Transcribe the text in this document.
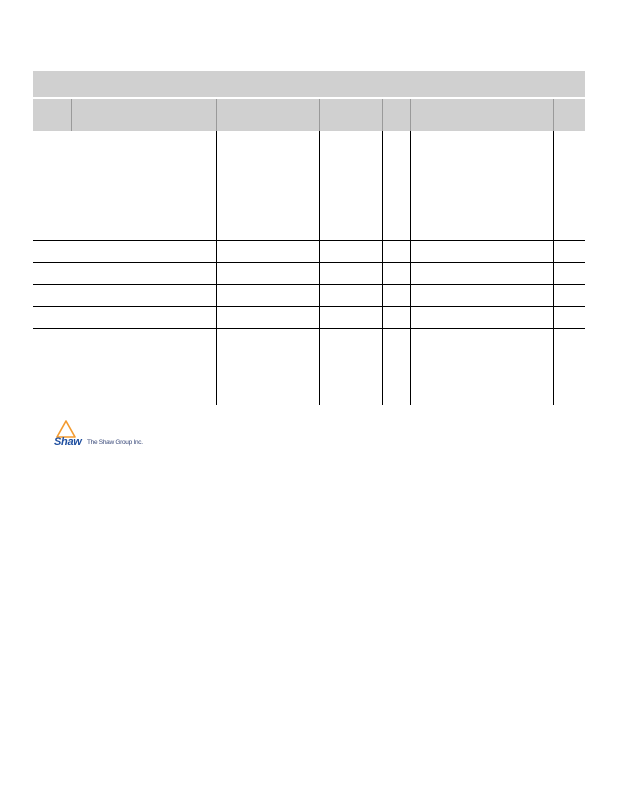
Shaw The Shaw Group Inc.
